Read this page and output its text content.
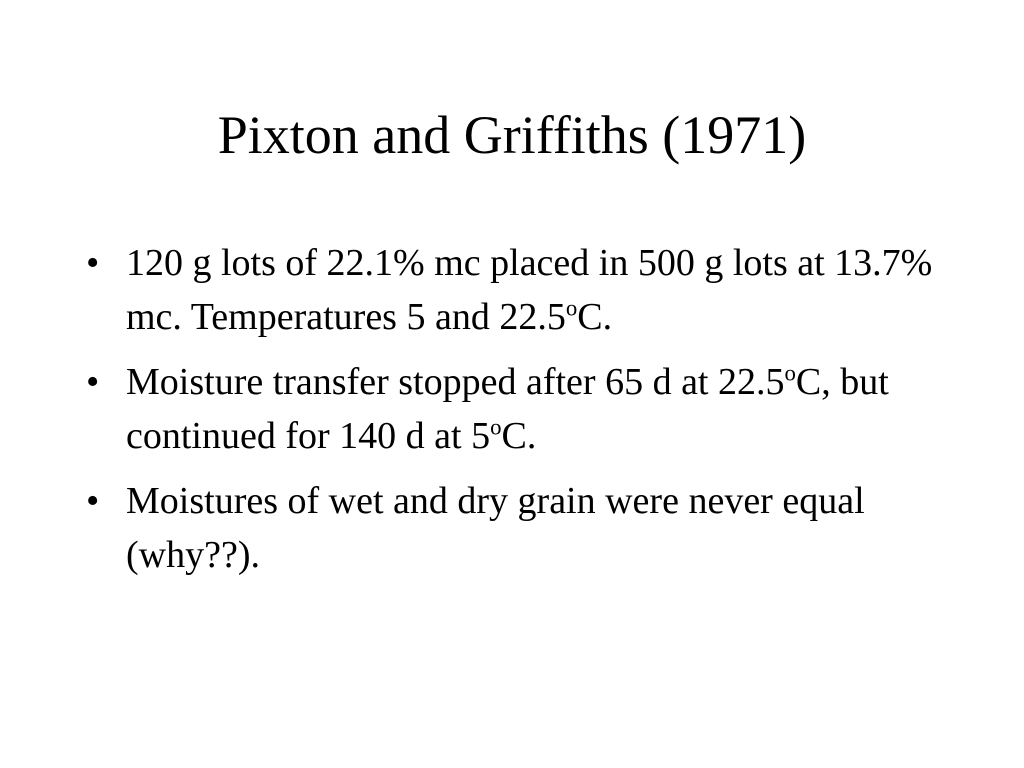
Pixton and Griffiths (1971)
• 120 g lots of 22.1% mc placed in 500 g lots at 13.7% mc. Temperatures 5 and 22.5$^o$C.
• Moisture transfer stopped after 65 d at 22.5$^o$C, but continued for 140 d at 5$^o$C.
• Moistures of wet and dry grain were never equal (why??).
